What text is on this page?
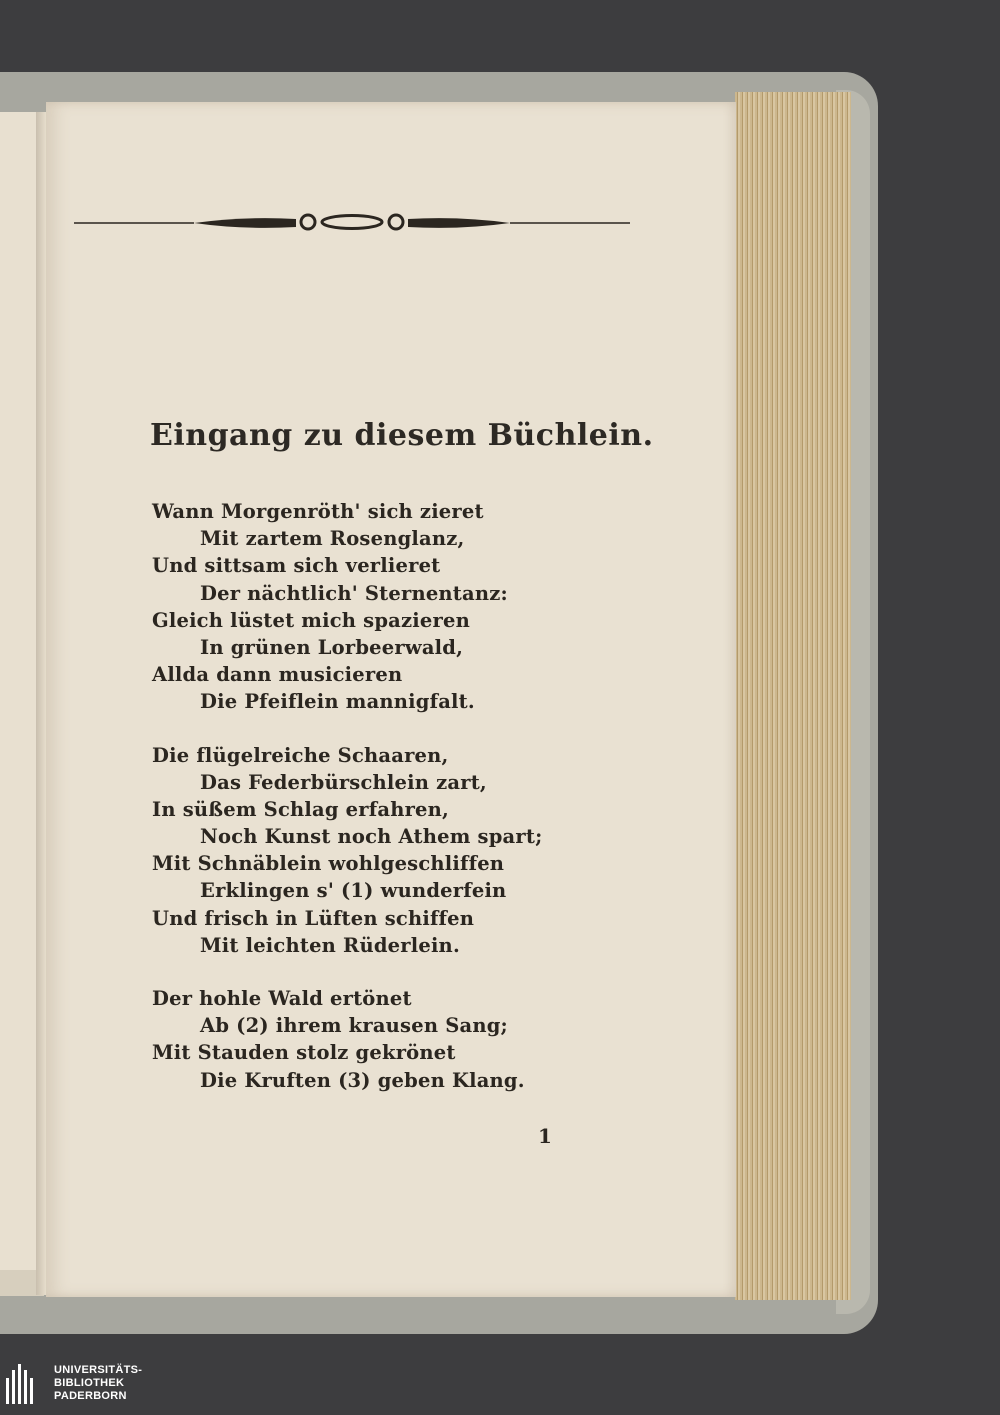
Eingang zu diesem Büchlein.
Wann Morgenröth' sich zieret
Mit zartem Rosenglanz,
Und sittsam sich verlieret
Der nächtlich' Sternentanz:
Gleich lüstet mich spazieren
In grünen Lorbeerwald,
Allda dann musicieren
Die Pfeiflein mannigfalt.
Die flügelreiche Schaaren,
Das Federbürschlein zart,
In süßem Schlag erfahren,
Noch Kunst noch Athem spart;
Mit Schnäblein wohlgeschliffen
Erklingen s' (1) wunderfein
Und frisch in Lüften schiffen
Mit leichten Rüderlein.
Der hohle Wald ertönet
Ab (2) ihrem krausen Sang;
Mit Stauden stolz gekrönet
Die Kruften (3) geben Klang.
1
UNIVERSITÄTS-
BIBLIOTHEK
PADERBORN
